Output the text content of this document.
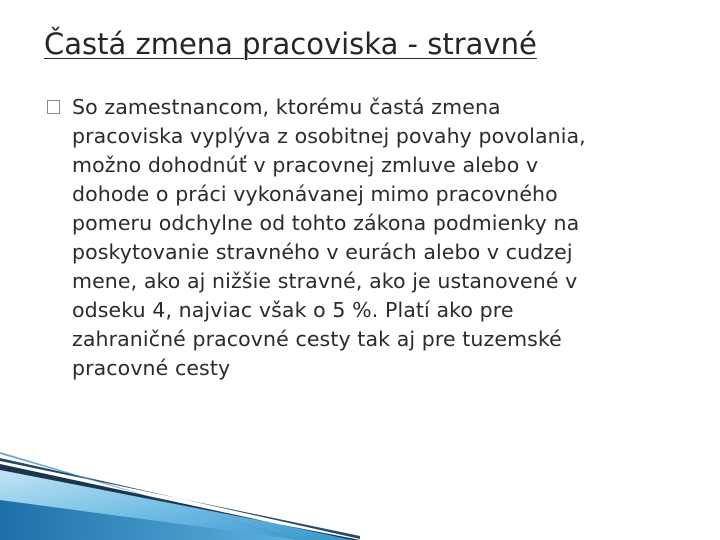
Častá zmena pracoviska - stravné
So zamestnancom, ktorému častá zmena
pracoviska vyplýva z osobitnej povahy povolania,
možno dohodnúť v pracovnej zmluve alebo v
dohode o práci vykonávanej mimo pracovného
pomeru odchylne od tohto zákona podmienky na
poskytovanie stravného v eurách alebo v cudzej
mene, ako aj nižšie stravné, ako je ustanovené v
odseku 4, najviac však o 5 %. Platí ako pre
zahraničné pracovné cesty tak aj pre tuzemské
pracovné cesty
